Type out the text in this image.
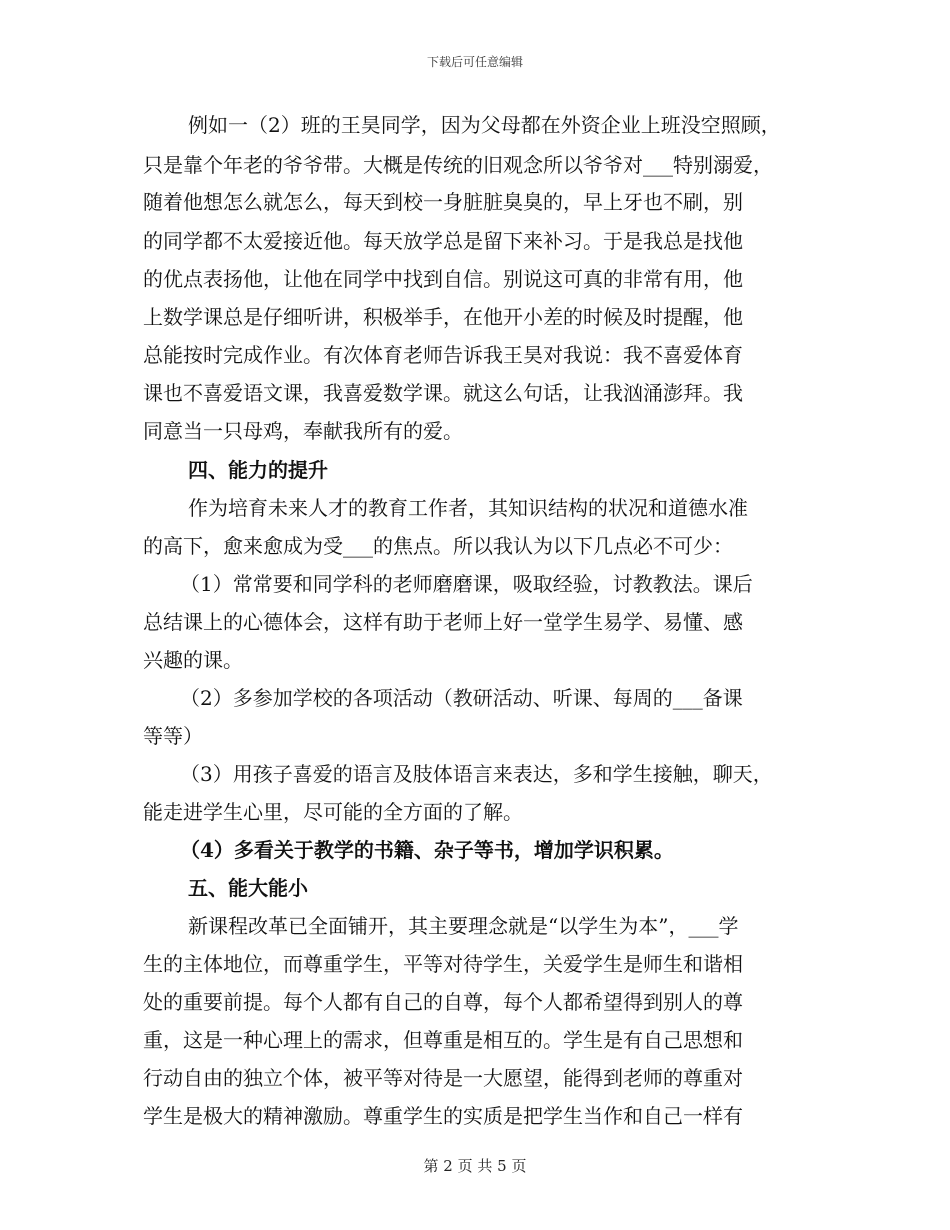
下载后可任意编辑
例如一（2）班的王昊同学，因为父母都在外资企业上班没空照顾，
只是靠个年老的爷爷带。大概是传统的旧观念所以爷爷对___特别溺爱，
随着他想怎么就怎么，每天到校一身脏脏臭臭的，早上牙也不刷，别
的同学都不太爱接近他。每天放学总是留下来补习。于是我总是找他
的优点表扬他，让他在同学中找到自信。别说这可真的非常有用，他
上数学课总是仔细听讲，积极举手，在他开小差的时候及时提醒，他
总能按时完成作业。有次体育老师告诉我王昊对我说：我不喜爱体育
课也不喜爱语文课，我喜爱数学课。就这么句话，让我汹涌澎拜。我
同意当一只母鸡，奉献我所有的爱。
四、能力的提升
作为培育未来人才的教育工作者，其知识结构的状况和道德水准
的高下，愈来愈成为受___的焦点。所以我认为以下几点必不可少：
（1）常常要和同学科的老师磨磨课，吸取经验，讨教教法。课后
总结课上的心德体会，这样有助于老师上好一堂学生易学、易懂、感
兴趣的课。
（2）多参加学校的各项活动（教研活动、听课、每周的___备课
等等）
（3）用孩子喜爱的语言及肢体语言来表达，多和学生接触，聊天，
能走进学生心里，尽可能的全方面的了解。
（4）多看关于教学的书籍、杂子等书，增加学识积累。
五、能大能小
新课程改革已全面铺开，其主要理念就是“以学生为本”，___学
生的主体地位，而尊重学生，平等对待学生，关爱学生是师生和谐相
处的重要前提。每个人都有自己的自尊，每个人都希望得到别人的尊
重，这是一种心理上的需求，但尊重是相互的。学生是有自己思想和
行动自由的独立个体，被平等对待是一大愿望，能得到老师的尊重对
学生是极大的精神激励。尊重学生的实质是把学生当作和自己一样有
第 2 页 共 5 页
